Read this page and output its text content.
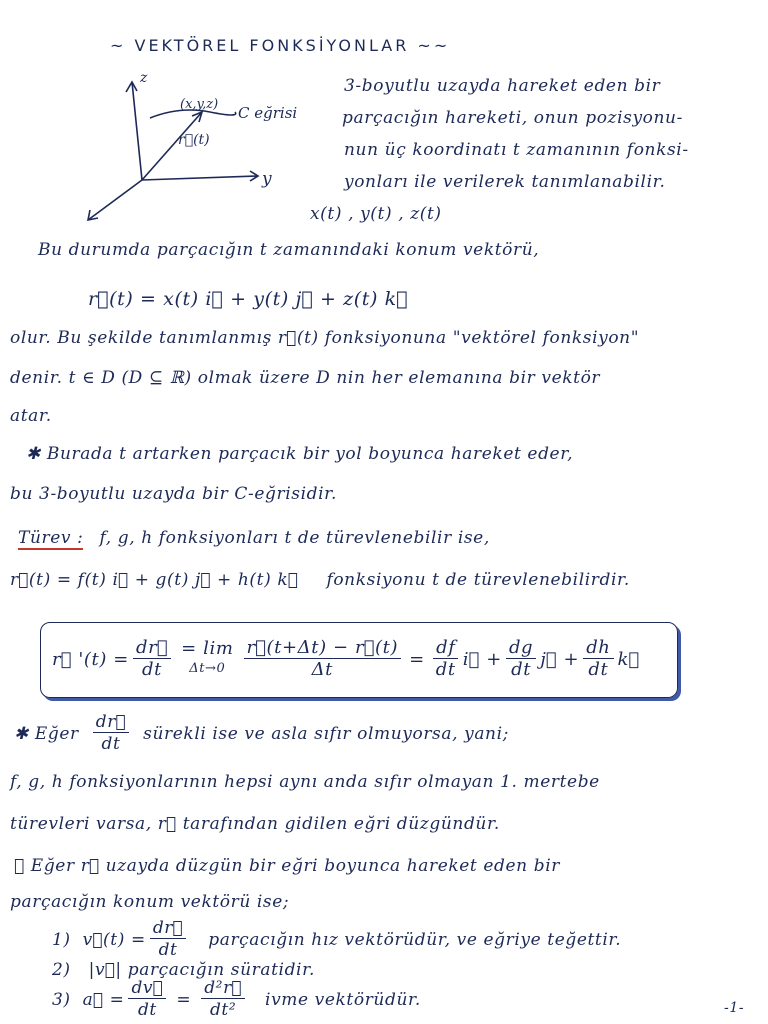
~ VEKTÖREL FONKSİYONLAR ~~
z
y
(x,y,z) C eğrisi
r⃗(t)
3-boyutlu uzayda hareket eden bir
parçacığın hareketi, onun pozisyonu-
nun üç koordinatı t zamanının fonksi-
yonları ile verilerek tanımlanabilir.
x(t) , y(t) , z(t)
Bu durumda parçacığın t zamanındaki konum vektörü,
r⃗(t) = x(t) i⃗ + y(t) j⃗ + z(t) k⃗
olur. Bu şekilde tanımlanmış r⃗(t) fonksiyonuna "vektörel fonksiyon"
denir. t ∈ D (D ⊆ ℝ) olmak üzere D nin her elemanına bir vektör
atar.
✱ Burada t artarken parçacık bir yol boyunca hareket eder,
bu 3-boyutlu uzayda bir C-eğrisidir.
Türev : f, g, h fonksiyonları t de türevlenebilir ise,
r⃗(t) = f(t) i⃗ + g(t) j⃗ + h(t) k⃗ fonksiyonu t de türevlenebilirdir.
r⃗ '$(t) = \frac{dr⃗}{dt} = \lim$
$\Delta t\to 0 \frac{r⃗(t+\Delta t) - r⃗(t)}{\Delta t} = \frac{df}{dt}$ i⃗ + $\frac{dg}{dt}$ j⃗ + $\frac{dh}{dt}$ k⃗
✱ Eğer $\frac{dr⃗}{dt}$ sürekli ise ve asla sıfır olmuyorsa, yani;
f, g, h fonksiyonlarının hepsi aynı anda sıfır olmayan 1. mertebe
türevleri varsa, r⃗ tarafından gidilen eğri düzgündür.
✱ Eğer r⃗ uzayda düzgün bir eğri boyunca hareket eden bir
parçacığın konum vektörü ise;
1) v⃗(t) = $\frac{dr⃗}{dt}$ parçacığın hız vektörüdür, ve eğriye teğettir.
2) |v⃗| parçacığın süratidir.
3) a⃗ = $\frac{dv⃗}{dt} = \frac{\text{d²r⃗}}{\text{dt²}}$ ivme vektörüdür.	-1-
